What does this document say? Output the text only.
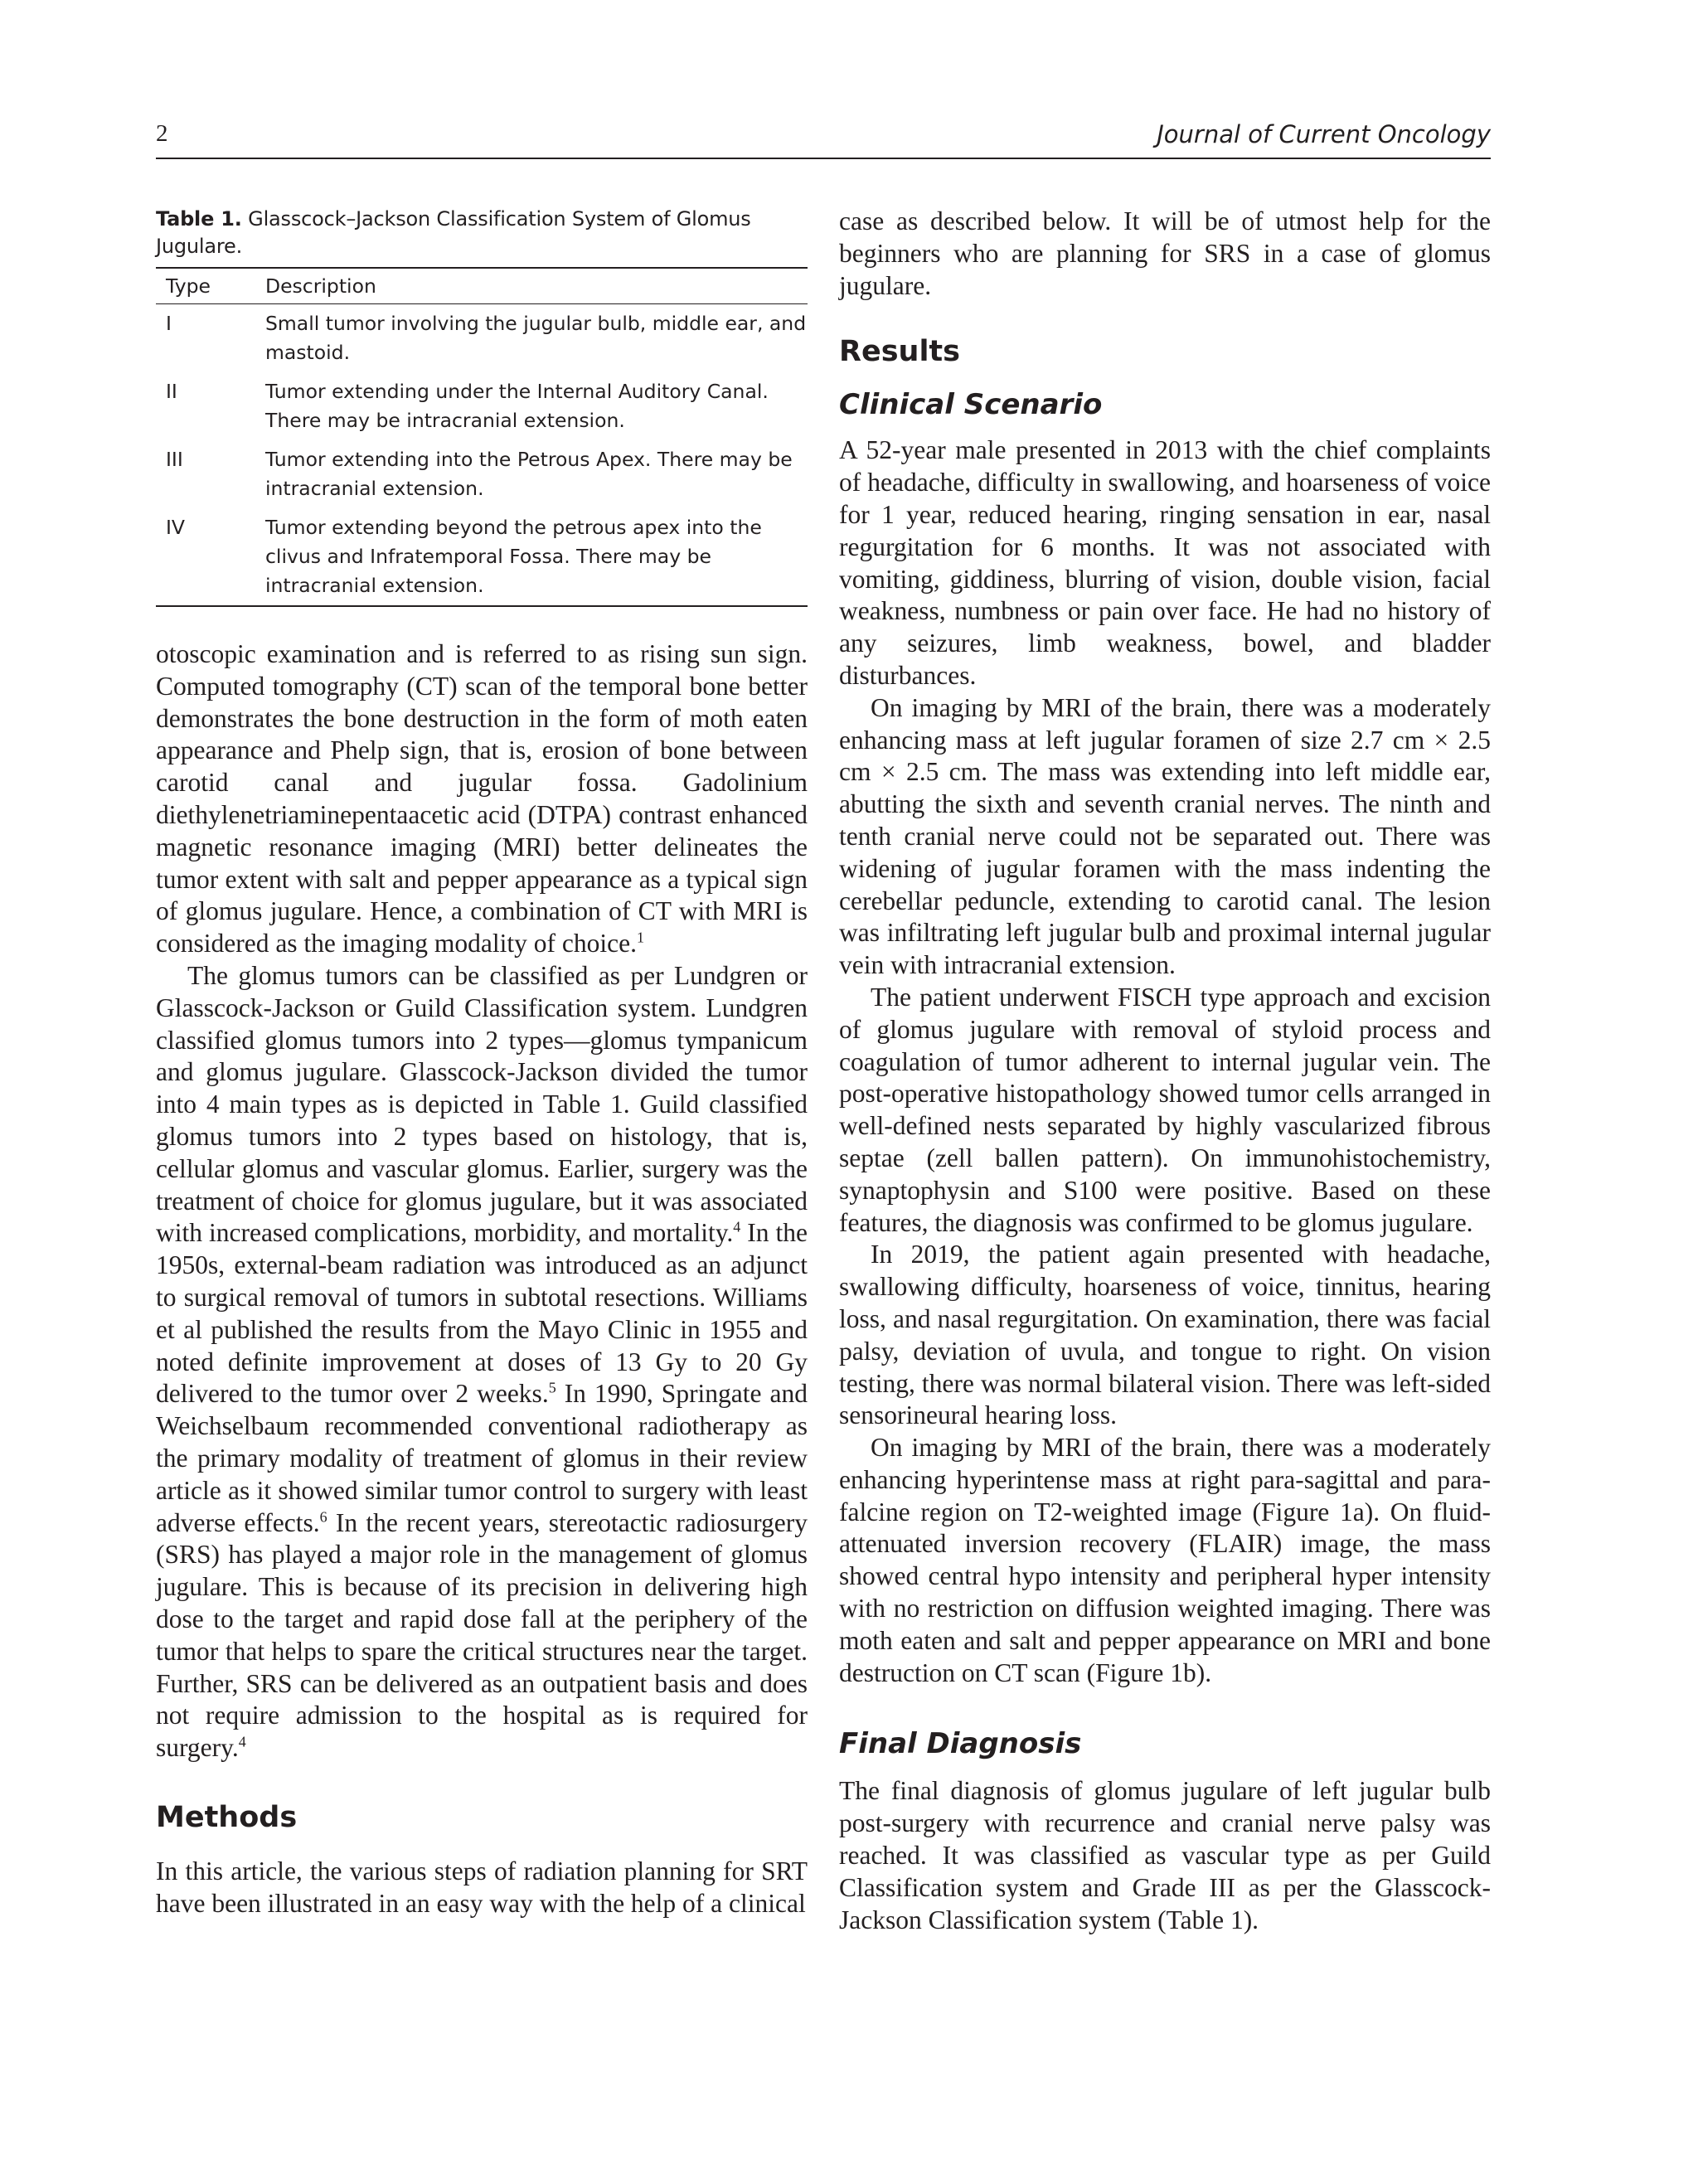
2	Journal of Current Oncology
Table 1. Glasscock–Jackson Classification System of Glomus Jugulare.
Type	Description
I	Small tumor involving the jugular bulb, middle ear, and mastoid.
II	Tumor extending under the Internal Auditory Canal. There may be intracranial extension.
III	Tumor extending into the Petrous Apex. There may be intracranial extension.
IV	Tumor extending beyond the petrous apex into the clivus and Infratemporal Fossa. There may be intracranial extension.

otoscopic examination and is referred to as rising sun sign. Computed tomography (CT) scan of the temporal bone better demonstrates the bone destruction in the form of moth eaten appearance and Phelp sign, that is, erosion of bone between carotid canal and jugular fossa. Gadolinium diethylenetriaminepentaacetic acid (DTPA) contrast enhanced magnetic resonance imaging (MRI) better delineates the tumor extent with salt and pepper appearance as a typical sign of glomus jugulare. Hence, a combination of CT with MRI is considered as the imaging modality of choice.$^1$

The glomus tumors can be classified as per Lundgren or Glasscock-Jackson or Guild Classification system. Lundgren classified glomus tumors into 2 types—glomus tympanicum and glomus jugulare. Glasscock-Jackson divided the tumor into 4 main types as is depicted in Table 1. Guild classified glomus tumors into 2 types based on histology, that is, cellular glomus and vascular glomus. Earlier, surgery was the treatment of choice for glomus jugulare, but it was associated with increased complications, morbidity, and mortality.$^4$ In the 1950s, external-beam radiation was introduced as an adjunct to surgical removal of tumors in subtotal resections. Williams et al published the results from the Mayo Clinic in 1955 and noted definite improvement at doses of 13 Gy to 20 Gy delivered to the tumor over 2 weeks.$^5$ In 1990, Springate and Weichselbaum recommended conventional radiotherapy as the primary modality of treatment of glomus in their review article as it showed similar tumor control to surgery with least adverse effects.$^6$ In the recent years, stereotactic radiosurgery (SRS) has played a major role in the management of glomus jugulare. This is because of its precision in delivering high dose to the target and rapid dose fall at the periphery of the tumor that helps to spare the critical structures near the target. Further, SRS can be delivered as an outpatient basis and does not require admission to the hospital as is required for surgery.$^4$

Methods

In this article, the various steps of radiation planning for SRT have been illustrated in an easy way with the help of a clinical

case as described below. It will be of utmost help for the beginners who are planning for SRS in a case of glomus jugulare.

Results
Clinical Scenario

A 52-year male presented in 2013 with the chief complaints of headache, difficulty in swallowing, and hoarseness of voice for 1 year, reduced hearing, ringing sensation in ear, nasal regurgitation for 6 months. It was not associated with vomiting, giddiness, blurring of vision, double vision, facial weakness, numbness or pain over face. He had no history of any seizures, limb weakness, bowel, and bladder disturbances.

On imaging by MRI of the brain, there was a moderately enhancing mass at left jugular foramen of size 2.7 cm × 2.5 cm × 2.5 cm. The mass was extending into left middle ear, abutting the sixth and seventh cranial nerves. The ninth and tenth cranial nerve could not be separated out. There was widening of jugular foramen with the mass indenting the cerebellar peduncle, extending to carotid canal. The lesion was infiltrating left jugular bulb and proximal internal jugular vein with intracranial extension.

The patient underwent FISCH type approach and excision of glomus jugulare with removal of styloid process and coagulation of tumor adherent to internal jugular vein. The post-operative histopathology showed tumor cells arranged in well-defined nests separated by highly vascularized fibrous septae (zell ballen pattern). On immunohistochemistry, synaptophysin and S100 were positive. Based on these features, the diagnosis was confirmed to be glomus jugulare.

In 2019, the patient again presented with headache, swallowing difficulty, hoarseness of voice, tinnitus, hearing loss, and nasal regurgitation. On examination, there was facial palsy, deviation of uvula, and tongue to right. On vision testing, there was normal bilateral vision. There was left-sided sensorineural hearing loss.

On imaging by MRI of the brain, there was a moderately enhancing hyperintense mass at right para-sagittal and para-falcine region on T2-weighted image (Figure 1a). On fluid-attenuated inversion recovery (FLAIR) image, the mass showed central hypo intensity and peripheral hyper intensity with no restriction on diffusion weighted imaging. There was moth eaten and salt and pepper appearance on MRI and bone destruction on CT scan (Figure 1b).

Final Diagnosis

The final diagnosis of glomus jugulare of left jugular bulb post-surgery with recurrence and cranial nerve palsy was reached. It was classified as vascular type as per Guild Classification system and Grade III as per the Glasscock-Jackson Classification system (Table 1).
